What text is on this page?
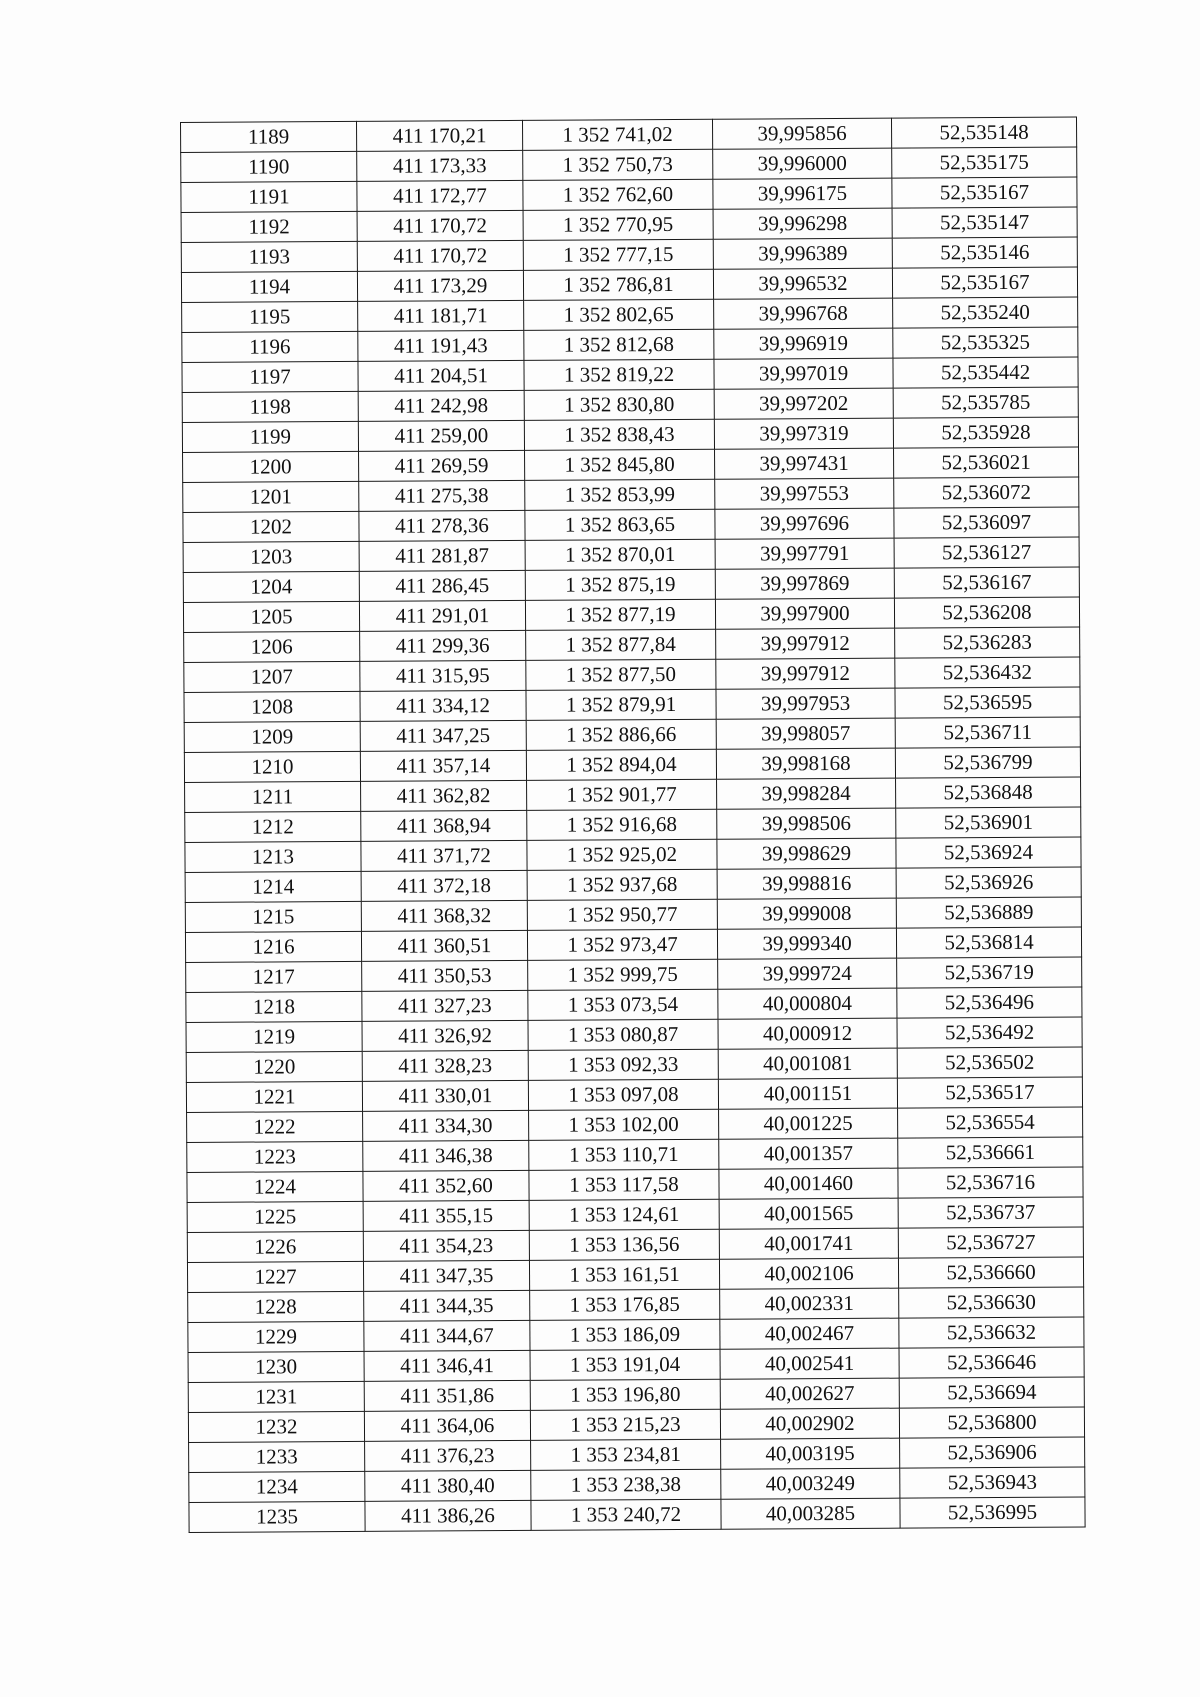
1189	411 170,21	1 352 741,02	39,995856	52,535148
1190	411 173,33	1 352 750,73	39,996000	52,535175
1191	411 172,77	1 352 762,60	39,996175	52,535167
1192	411 170,72	1 352 770,95	39,996298	52,535147
1193	411 170,72	1 352 777,15	39,996389	52,535146
1194	411 173,29	1 352 786,81	39,996532	52,535167
1195	411 181,71	1 352 802,65	39,996768	52,535240
1196	411 191,43	1 352 812,68	39,996919	52,535325
1197	411 204,51	1 352 819,22	39,997019	52,535442
1198	411 242,98	1 352 830,80	39,997202	52,535785
1199	411 259,00	1 352 838,43	39,997319	52,535928
1200	411 269,59	1 352 845,80	39,997431	52,536021
1201	411 275,38	1 352 853,99	39,997553	52,536072
1202	411 278,36	1 352 863,65	39,997696	52,536097
1203	411 281,87	1 352 870,01	39,997791	52,536127
1204	411 286,45	1 352 875,19	39,997869	52,536167
1205	411 291,01	1 352 877,19	39,997900	52,536208
1206	411 299,36	1 352 877,84	39,997912	52,536283
1207	411 315,95	1 352 877,50	39,997912	52,536432
1208	411 334,12	1 352 879,91	39,997953	52,536595
1209	411 347,25	1 352 886,66	39,998057	52,536711
1210	411 357,14	1 352 894,04	39,998168	52,536799
1211	411 362,82	1 352 901,77	39,998284	52,536848
1212	411 368,94	1 352 916,68	39,998506	52,536901
1213	411 371,72	1 352 925,02	39,998629	52,536924
1214	411 372,18	1 352 937,68	39,998816	52,536926
1215	411 368,32	1 352 950,77	39,999008	52,536889
1216	411 360,51	1 352 973,47	39,999340	52,536814
1217	411 350,53	1 352 999,75	39,999724	52,536719
1218	411 327,23	1 353 073,54	40,000804	52,536496
1219	411 326,92	1 353 080,87	40,000912	52,536492
1220	411 328,23	1 353 092,33	40,001081	52,536502
1221	411 330,01	1 353 097,08	40,001151	52,536517
1222	411 334,30	1 353 102,00	40,001225	52,536554
1223	411 346,38	1 353 110,71	40,001357	52,536661
1224	411 352,60	1 353 117,58	40,001460	52,536716
1225	411 355,15	1 353 124,61	40,001565	52,536737
1226	411 354,23	1 353 136,56	40,001741	52,536727
1227	411 347,35	1 353 161,51	40,002106	52,536660
1228	411 344,35	1 353 176,85	40,002331	52,536630
1229	411 344,67	1 353 186,09	40,002467	52,536632
1230	411 346,41	1 353 191,04	40,002541	52,536646
1231	411 351,86	1 353 196,80	40,002627	52,536694
1232	411 364,06	1 353 215,23	40,002902	52,536800
1233	411 376,23	1 353 234,81	40,003195	52,536906
1234	411 380,40	1 353 238,38	40,003249	52,536943
1235	411 386,26	1 353 240,72	40,003285	52,536995
